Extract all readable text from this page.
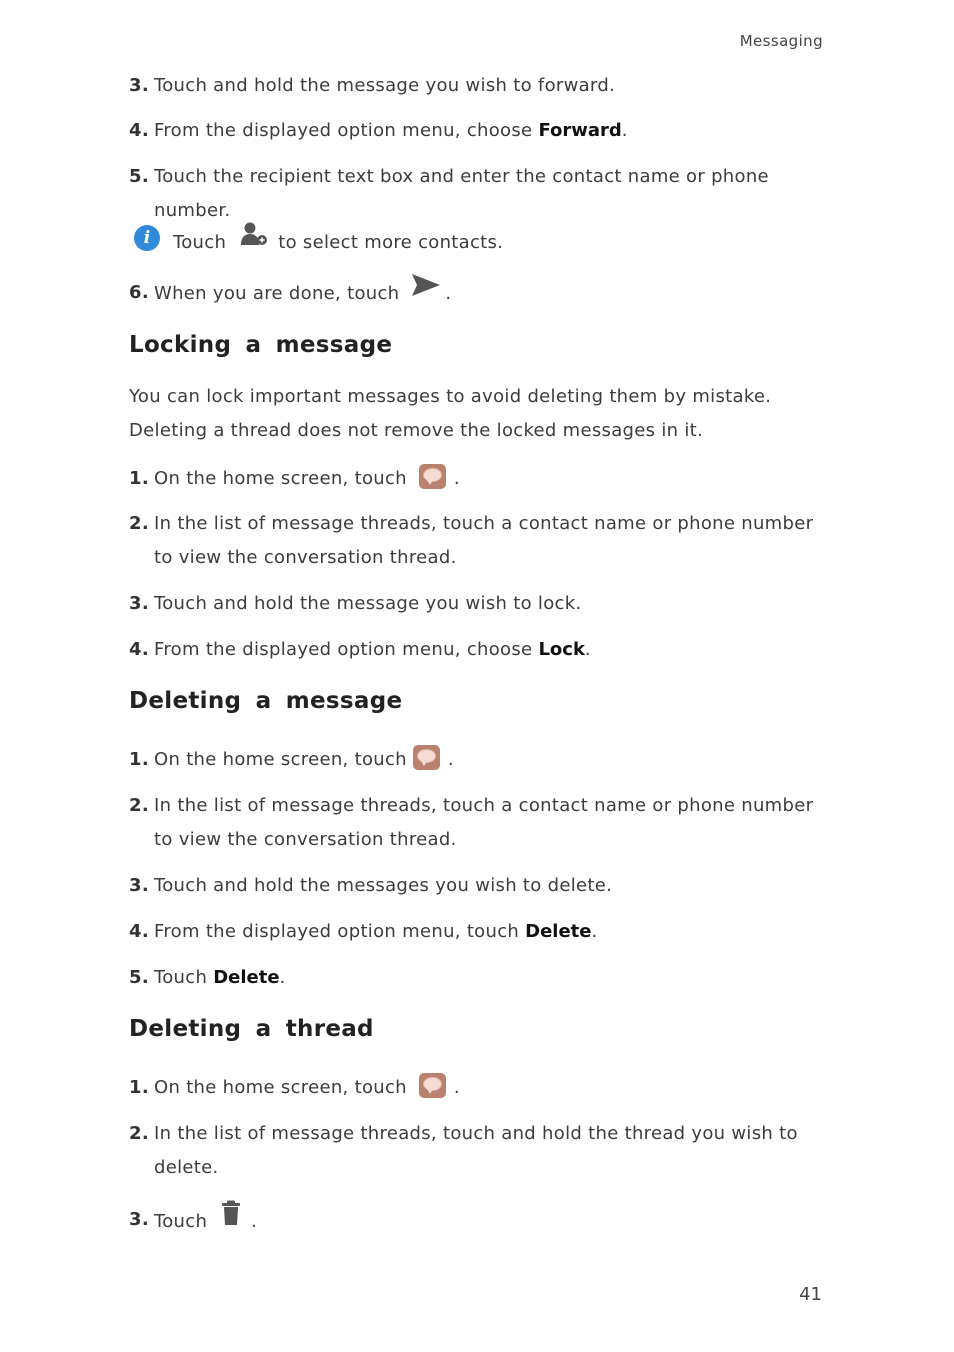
Messaging
3. Touch and hold the message you wish to forward.
4. From the displayed option menu, choose Forward.
5. Touch the recipient text box and enter the contact name or phone number.
i	Touch	to select more contacts.
6. When you are done, touch	.
Locking a message
You can lock important messages to avoid deleting them by mistake. Deleting a thread does not remove the locked messages in it.
1. On the home screen, touch	.
2. In the list of message threads, touch a contact name or phone number to view the conversation thread.
3. Touch and hold the message you wish to lock.
4. From the displayed option menu, choose Lock.
Deleting a message
1. On the home screen, touch .
2. In the list of message threads, touch a contact name or phone number to view the conversation thread.
3. Touch and hold the messages you wish to delete.
4. From the displayed option menu, touch Delete.
5. Touch Delete.
Deleting a thread
1. On the home screen, touch	.
2. In the list of message threads, touch and hold the thread you wish to delete.
3. Touch .
41
